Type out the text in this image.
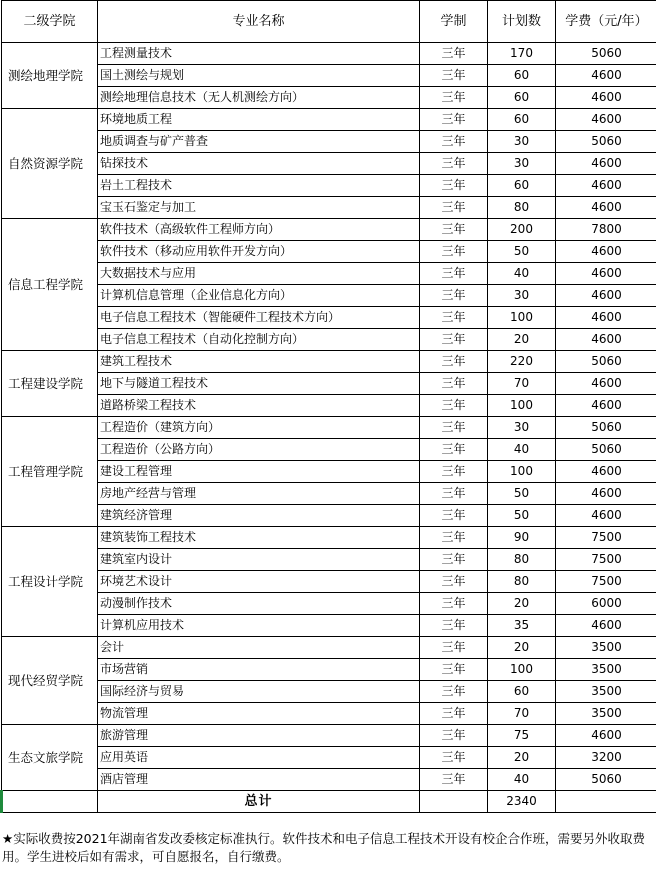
二级学院	专业名称	学制	计划数	学费（元/年）
测绘地理学院	工程测量技术	三年	170	5060
	国土测绘与规划	三年	60	4600
	测绘地理信息技术（无人机测绘方向）	三年	60	4600
自然资源学院	环境地质工程	三年	60	4600
	地质调查与矿产普查	三年	30	5060
	钻探技术	三年	30	4600
	岩土工程技术	三年	60	4600
	宝玉石鉴定与加工	三年	80	4600
信息工程学院	软件技术（高级软件工程师方向）	三年	200	7800
	软件技术（移动应用软件开发方向）	三年	50	4600
	大数据技术与应用	三年	40	4600
	计算机信息管理（企业信息化方向）	三年	30	4600
	电子信息工程技术（智能硬件工程技术方向）	三年	100	4600
	电子信息工程技术（自动化控制方向）	三年	20	4600
工程建设学院	建筑工程技术	三年	220	5060
	地下与隧道工程技术	三年	70	4600
	道路桥梁工程技术	三年	100	4600
工程管理学院	工程造价（建筑方向）	三年	30	5060
	工程造价（公路方向）	三年	40	5060
	建设工程管理	三年	100	4600
	房地产经营与管理	三年	50	4600
	建筑经济管理	三年	50	4600
工程设计学院	建筑装饰工程技术	三年	90	7500
	建筑室内设计	三年	80	7500
	环境艺术设计	三年	80	7500
	动漫制作技术	三年	20	6000
	计算机应用技术	三年	35	4600
现代经贸学院	会计	三年	20	3500
	市场营销	三年	100	3500
	国际经济与贸易	三年	60	3500
	物流管理	三年	70	3500
生态文旅学院	旅游管理	三年	75	4600
	应用英语	三年	20	3200
	酒店管理	三年	40	5060
	总计		2340	
★实际收费按2021年湖南省发改委核定标准执行。软件技术和电子信息工程技术开设有校企合作班，需要另外收取费用。学生进校后如有需求，可自愿报名，自行缴费。
